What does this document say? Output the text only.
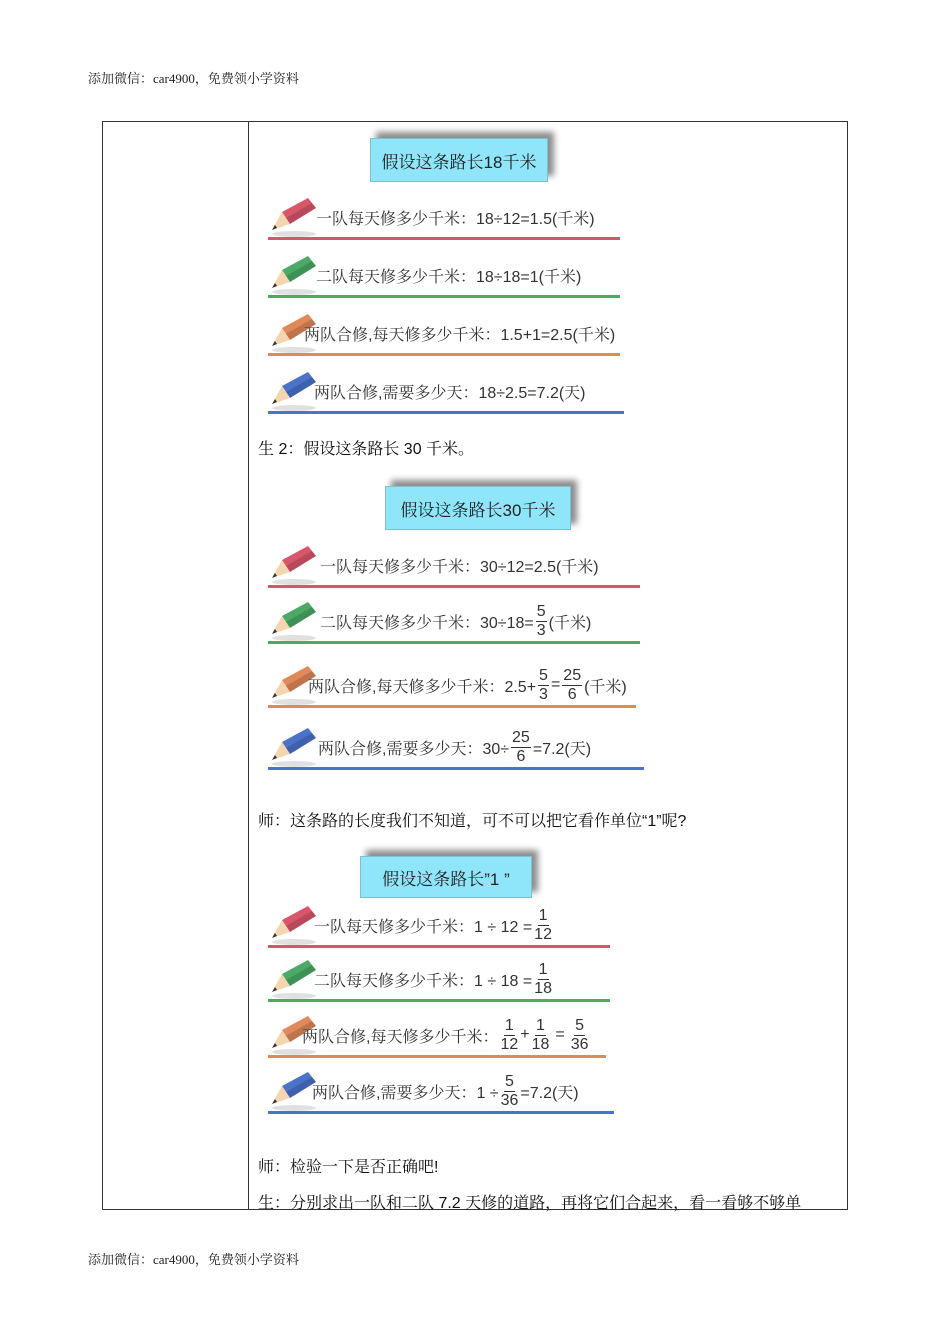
添加微信：car4900，免费领小学资料
假设这条路长18千米
一队每天修多少千米：18÷12=1.5(千米)
二队每天修多少千米：18÷18=1(千米)
两队合修,每天修多少千米：1.5+1=2.5(千米)
两队合修,需要多少天：18÷2.5=7.2(天)
生 2：假设这条路长 30 千米。
假设这条路长30千米
一队每天修多少千米：30÷12=2.5(千米)
二队每天修多少千米：$30\div 18= \frac{5}{3}$ (千米)
两队合修,每天修多少千米：$2.5+ \frac{5}{3} = \frac{25}{6}$ (千米)
两队合修,需要多少天：$30\div \frac{25}{6} =7.2$(天)
师：这条路的长度我们不知道，可不可以把它看作单位“1”呢?
假设这条路长”1 ”
一队每天修多少千米：$1 \div 12 = \frac{1}{12}$
二队每天修多少千米：$1 \div 18 = \frac{1}{18}$
两队合修,每天修多少千米： $\frac{1}{12} + \frac{1}{18} = \frac{5}{36}$
两队合修,需要多少天：$1 \div \frac{5}{36} =7.2$(天)
师：检验一下是否正确吧!
生：分别求出一队和二队 7.2 天修的道路，再将它们合起来，看一看够不够单
添加微信：car4900，免费领小学资料
